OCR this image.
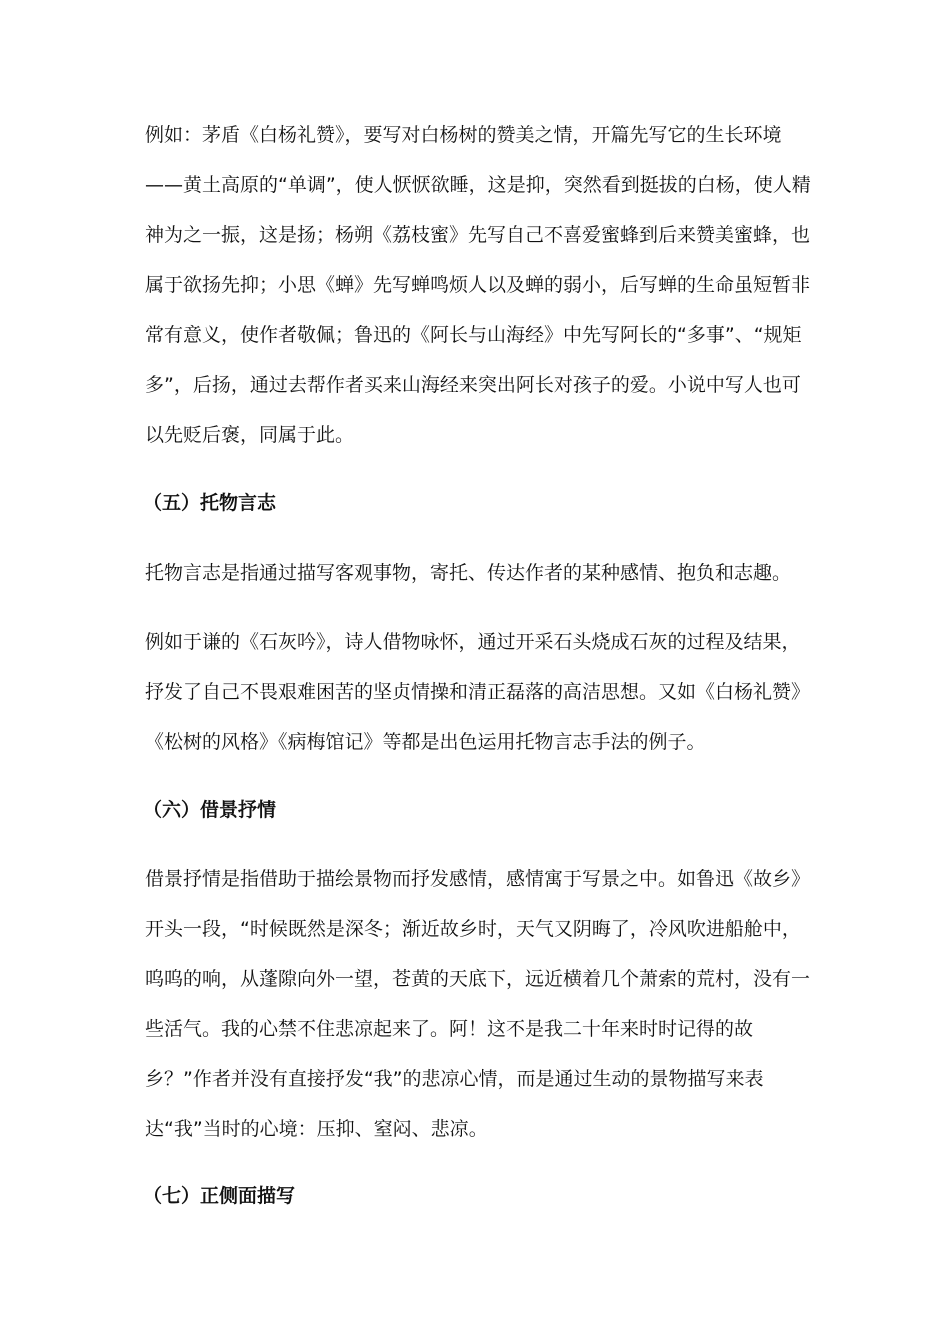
例如：茅盾《白杨礼赞》，要写对白杨树的赞美之情，开篇先写它的生长环境——黄土高原的“单调”，使人恹恹欲睡，这是抑，突然看到挺拔的白杨，使人精神为之一振，这是扬；杨朔《荔枝蜜》先写自己不喜爱蜜蜂到后来赞美蜜蜂，也属于欲扬先抑；小思《蝉》先写蝉鸣烦人以及蝉的弱小，后写蝉的生命虽短暂非常有意义，使作者敬佩；鲁迅的《阿长与山海经》中先写阿长的“多事”、“规矩多”，后扬，通过去帮作者买来山海经来突出阿长对孩子的爱。小说中写人也可以先贬后褒，同属于此。

（五）托物言志

托物言志是指通过描写客观事物，寄托、传达作者的某种感情、抱负和志趣。

例如于谦的《石灰吟》，诗人借物咏怀，通过开采石头烧成石灰的过程及结果，抒发了自己不畏艰难困苦的坚贞情操和清正磊落的高洁思想。又如《白杨礼赞》《松树的风格》《病梅馆记》等都是出色运用托物言志手法的例子。

（六）借景抒情

借景抒情是指借助于描绘景物而抒发感情，感情寓于写景之中。如鲁迅《故乡》开头一段，“时候既然是深冬；渐近故乡时，天气又阴晦了，冷风吹进船舱中，呜呜的响，从蓬隙向外一望，苍黄的天底下，远近横着几个萧索的荒村，没有一些活气。我的心禁不住悲凉起来了。阿！这不是我二十年来时时记得的故乡？”作者并没有直接抒发“我”的悲凉心情，而是通过生动的景物描写来表达“我”当时的心境：压抑、窒闷、悲凉。

（七）正侧面描写
